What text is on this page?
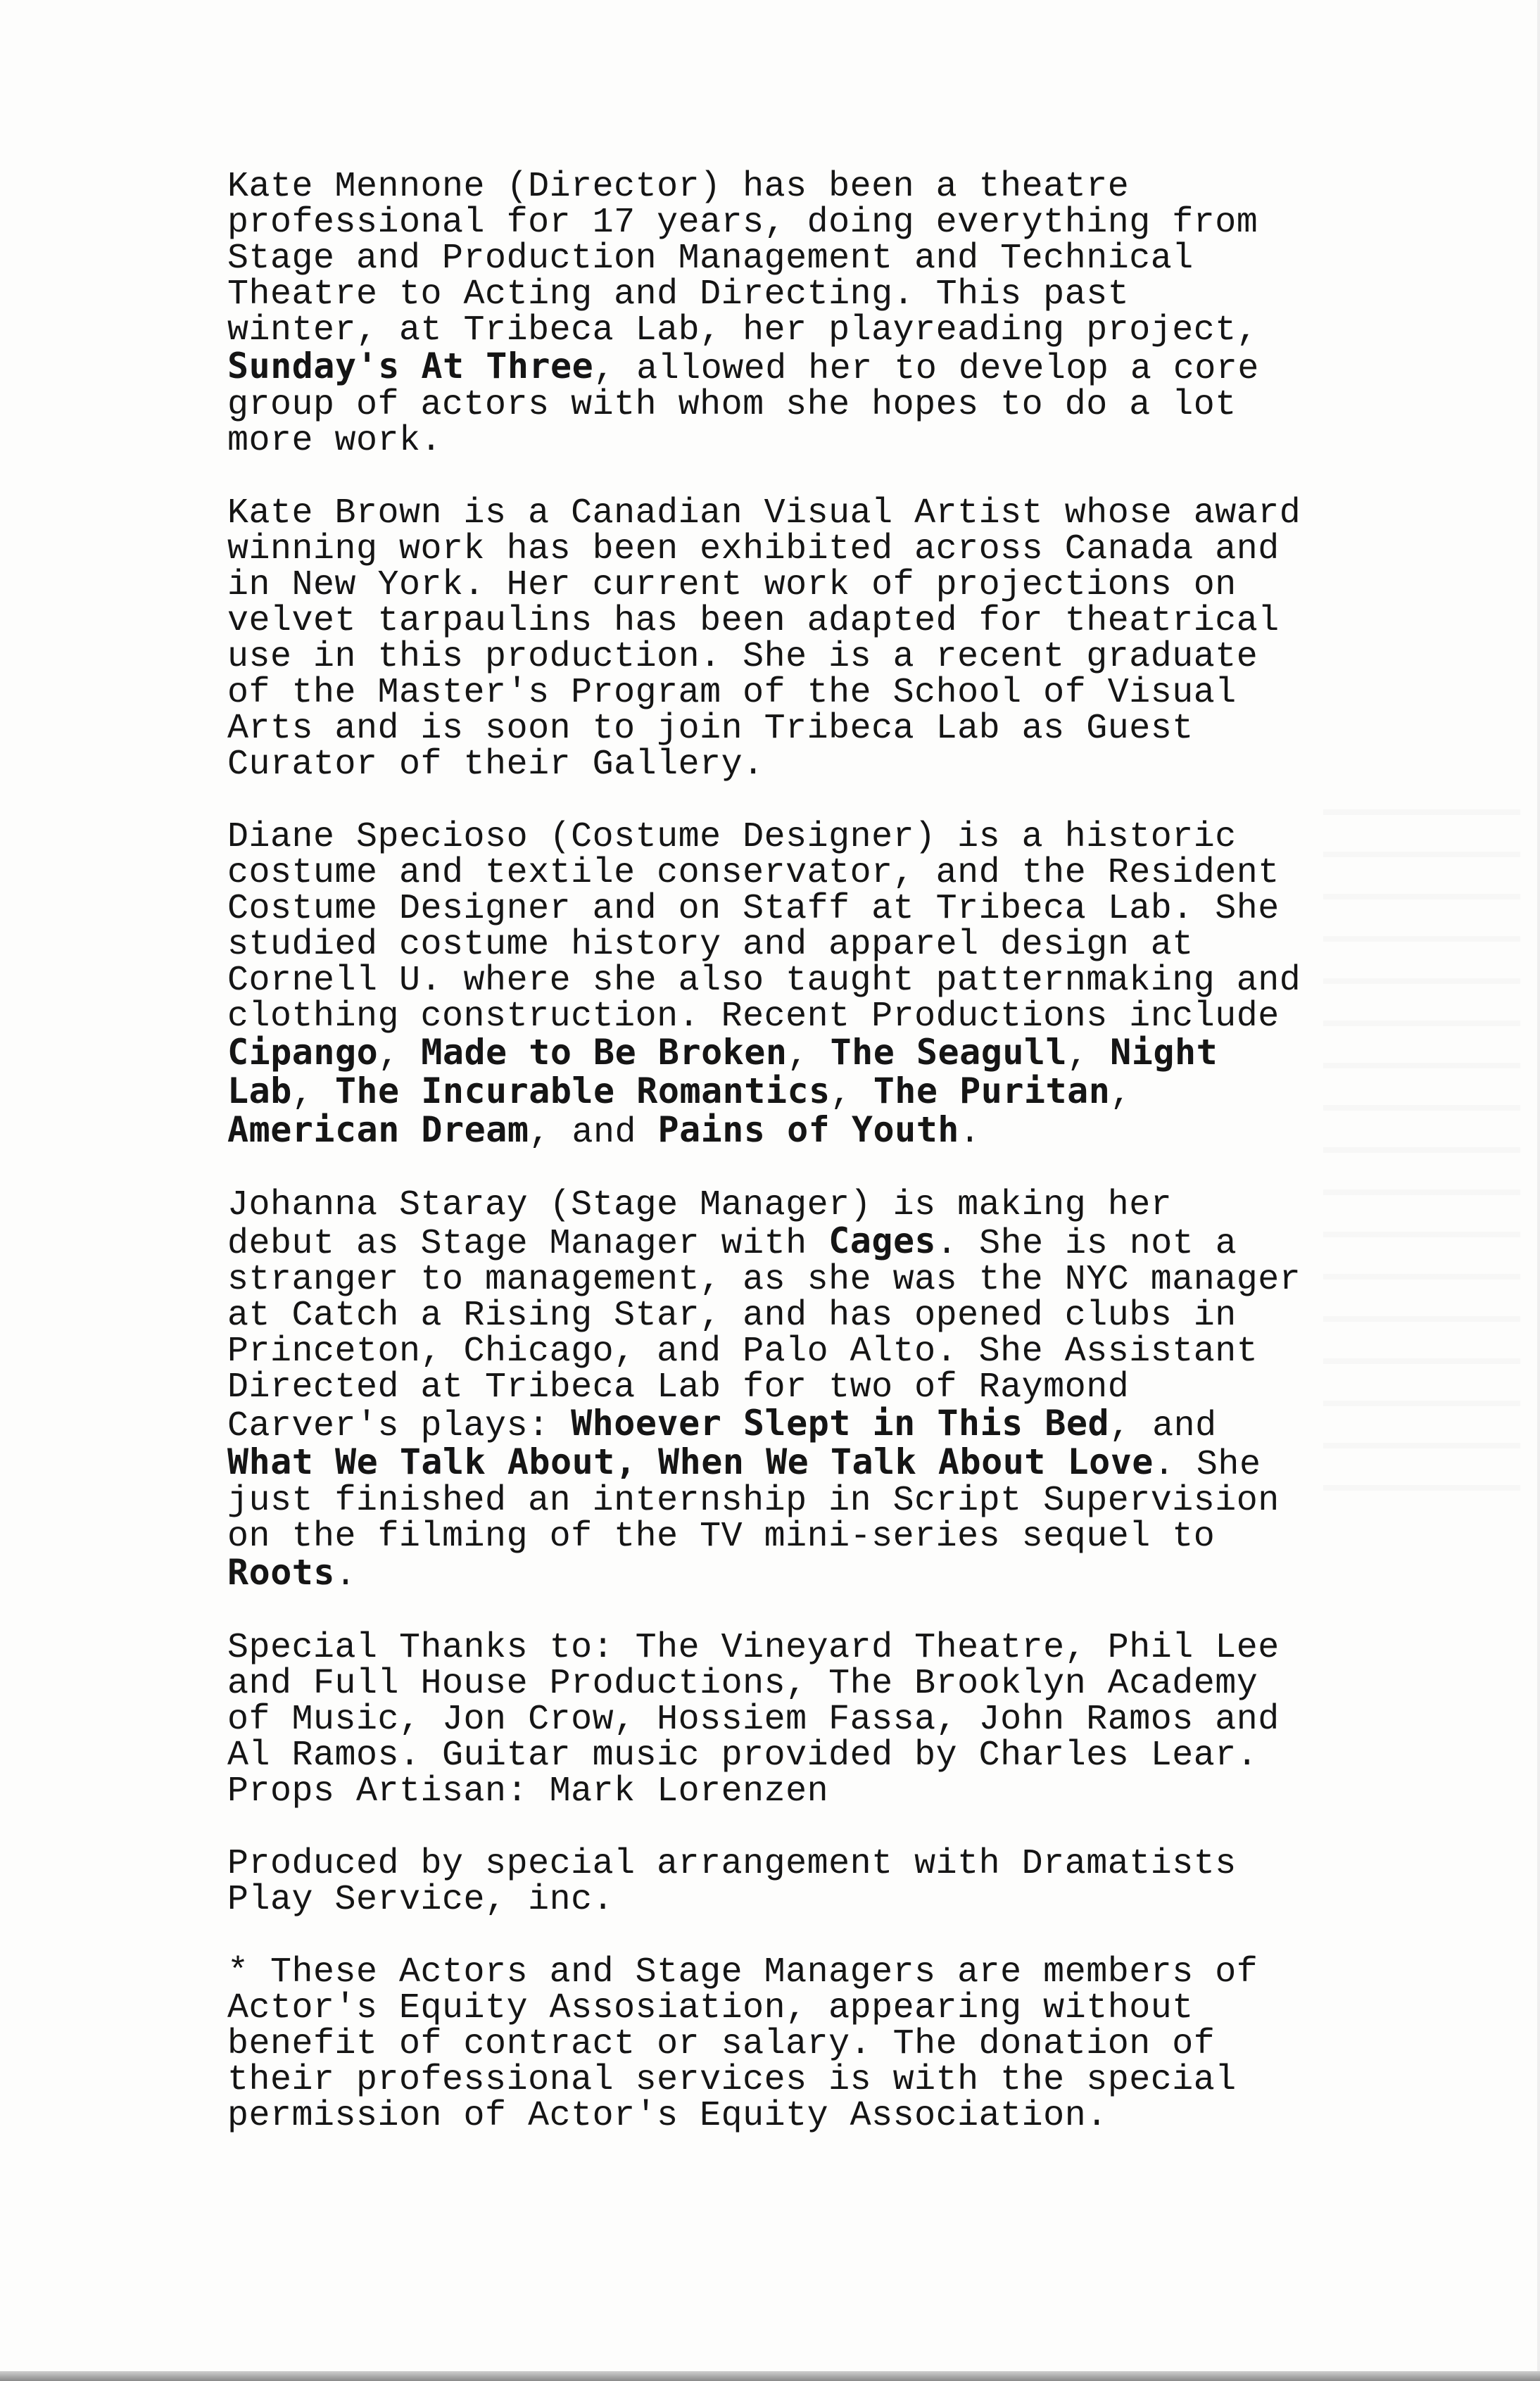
Kate Mennone (Director) has been a theatre
professional for 17 years, doing everything from
Stage and Production Management and Technical
Theatre to Acting and Directing. This past
winter, at Tribeca Lab, her playreading project,
Sunday's At Three, allowed her to develop a core
group of actors with whom she hopes to do a lot
more work.

Kate Brown is a Canadian Visual Artist whose award
winning work has been exhibited across Canada and
in New York. Her current work of projections on
velvet tarpaulins has been adapted for theatrical
use in this production. She is a recent graduate
of the Master's Program of the School of Visual
Arts and is soon to join Tribeca Lab as Guest
Curator of their Gallery.

Diane Specioso (Costume Designer) is a historic
costume and textile conservator, and the Resident
Costume Designer and on Staff at Tribeca Lab. She
studied costume history and apparel design at
Cornell U. where she also taught patternmaking and
clothing construction. Recent Productions include
Cipango, Made to Be Broken, The Seagull, Night
Lab, The Incurable Romantics, The Puritan,
American Dream, and Pains of Youth.

Johanna Staray (Stage Manager) is making her
debut as Stage Manager with Cages. She is not a
stranger to management, as she was the NYC manager
at Catch a Rising Star, and has opened clubs in
Princeton, Chicago, and Palo Alto. She Assistant
Directed at Tribeca Lab for two of Raymond
Carver's plays: Whoever Slept in This Bed, and
What We Talk About, When We Talk About Love. She
just finished an internship in Script Supervision
on the filming of the TV mini-series sequel to
Roots.

Special Thanks to: The Vineyard Theatre, Phil Lee
and Full House Productions, The Brooklyn Academy
of Music, Jon Crow, Hossiem Fassa, John Ramos and
Al Ramos. Guitar music provided by Charles Lear.
Props Artisan: Mark Lorenzen

Produced by special arrangement with Dramatists
Play Service, inc.

* These Actors and Stage Managers are members of
Actor's Equity Assosiation, appearing without
benefit of contract or salary. The donation of
their professional services is with the special
permission of Actor's Equity Association.
